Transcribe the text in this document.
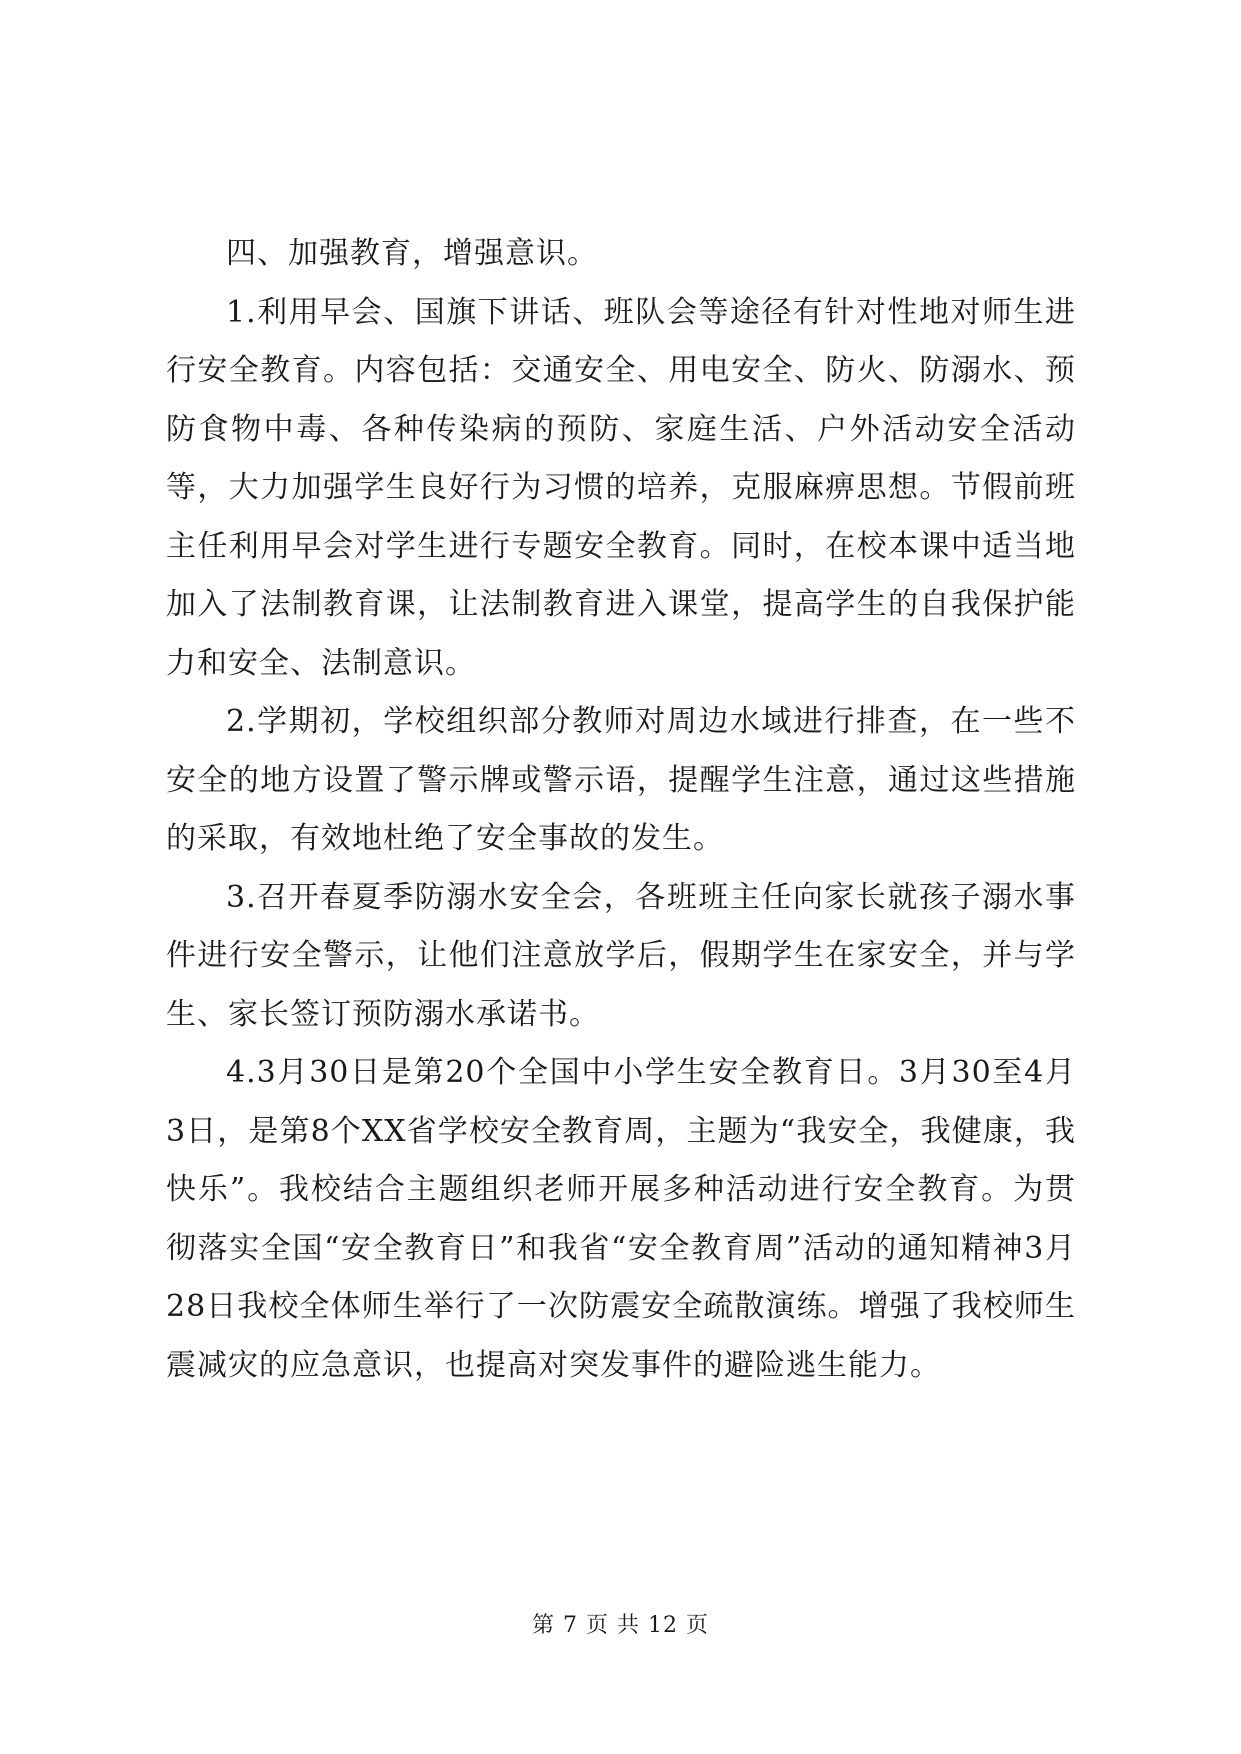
四、加强教育，增强意识。

1.利用早会、国旗下讲话、班队会等途径有针对性地对师生进行安全教育。内容包括：交通安全、用电安全、防火、防溺水、预防食物中毒、各种传染病的预防、家庭生活、户外活动安全活动等，大力加强学生良好行为习惯的培养，克服麻痹思想。节假前班主任利用早会对学生进行专题安全教育。同时，在校本课中适当地加入了法制教育课，让法制教育进入课堂，提高学生的自我保护能力和安全、法制意识。

2.学期初，学校组织部分教师对周边水域进行排查，在一些不安全的地方设置了警示牌或警示语，提醒学生注意，通过这些措施的采取，有效地杜绝了安全事故的发生。

3.召开春夏季防溺水安全会，各班班主任向家长就孩子溺水事件进行安全警示，让他们注意放学后，假期学生在家安全，并与学生、家长签订预防溺水承诺书。

4.3月30日是第20个全国中小学生安全教育日。3月30至4月3日，是第8个XX省学校安全教育周，主题为“我安全，我健康，我快乐”。我校结合主题组织老师开展多种活动进行安全教育。为贯彻落实全国“安全教育日”和我省“安全教育周”活动的通知精神3月28日我校全体师生举行了一次防震安全疏散演练。增强了我校师生震减灾的应急意识，也提高对突发事件的避险逃生能力。

第 7 页 共 12 页
